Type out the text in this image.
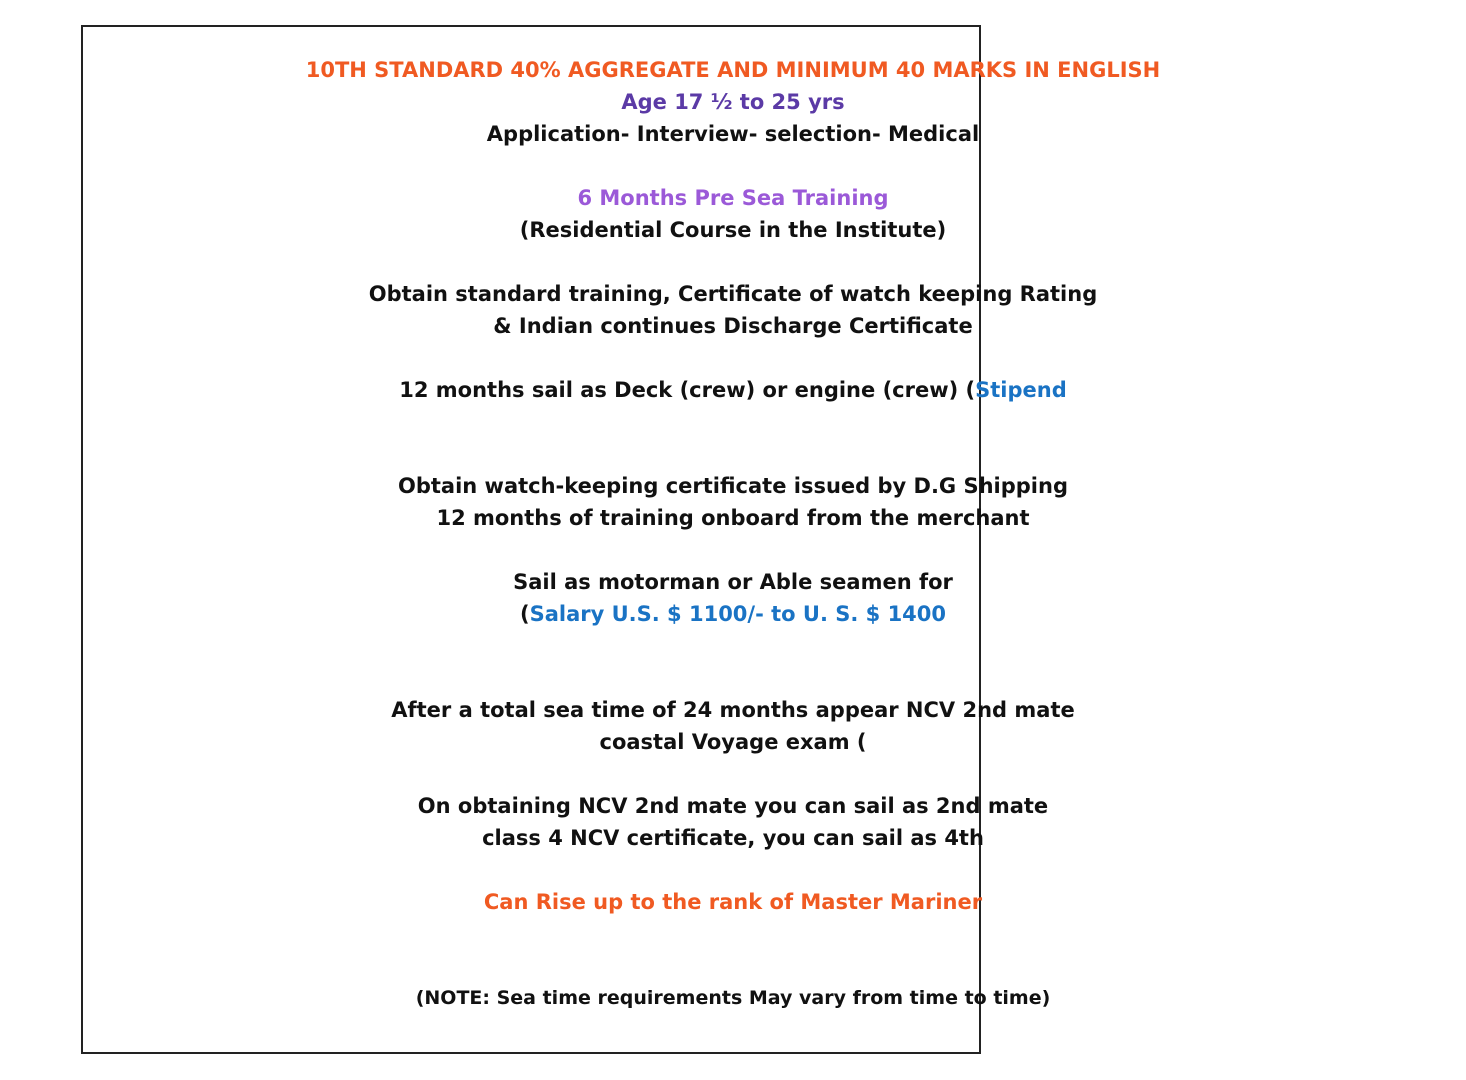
10TH STANDARD 40% AGGREGATE AND MINIMUM 40 MARKS IN ENGLISH
Age 17 ½ to 25 yrs
Application- Interview- selection- Medical
6 Months Pre Sea Training
(Residential Course in the Institute)
Obtain standard training, Certificate of watch keeping Rating
& Indian continues Discharge Certificate
12 months sail as Deck (crew) or engine (crew) (Stipend
Obtain watch-keeping certificate issued by D.G Shipping
12 months of training onboard from the merchant
Sail as motorman or Able seamen for
(Salary U.S. $ 1100/- to U. S. $ 1400
After a total sea time of 24 months appear NCV 2nd mate
coastal Voyage exam (
On obtaining NCV 2nd mate you can sail as 2nd mate
class 4 NCV certificate, you can sail as 4th
Can Rise up to the rank of Master Mariner
(NOTE: Sea time requirements May vary from time to time)
